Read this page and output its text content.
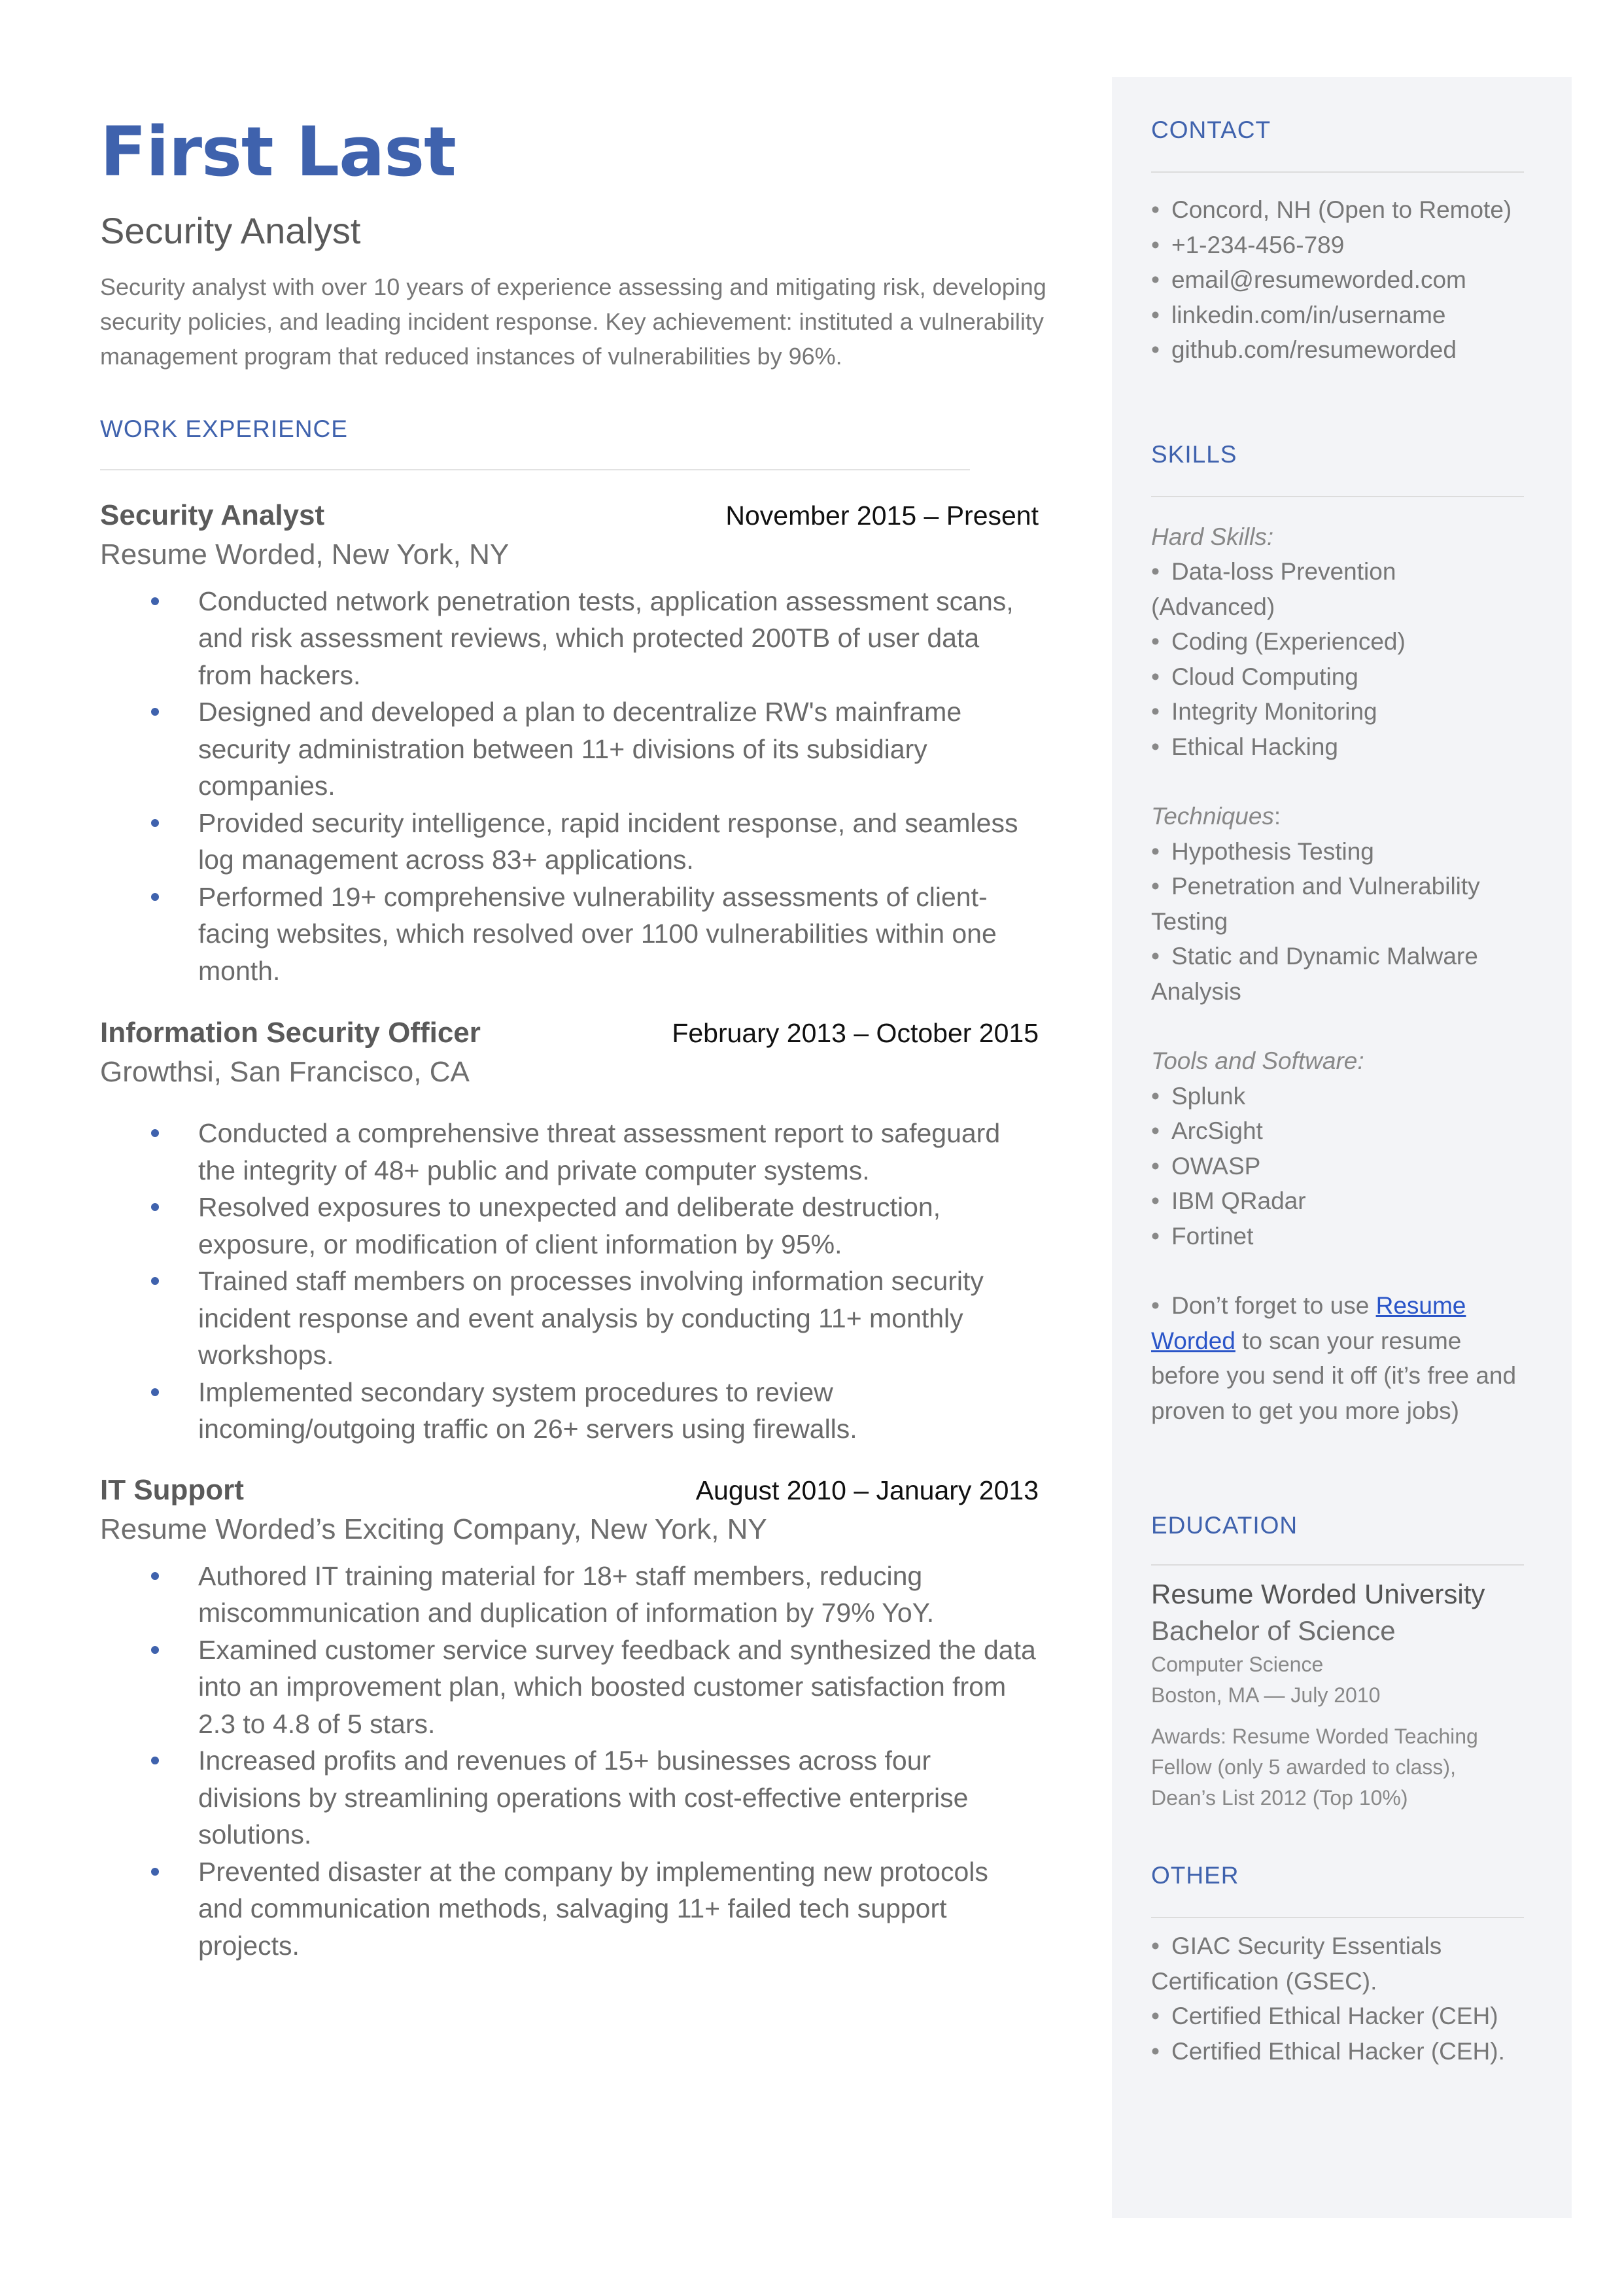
First Last
Security Analyst
Security analyst with over 10 years of experience assessing and mitigating risk, developing security policies, and leading incident response. Key achievement: instituted a vulnerability management program that reduced instances of vulnerabilities by 96%.
WORK EXPERIENCE
Security Analyst	November 2015 – Present
Resume Worded, New York, NY
Conducted network penetration tests, application assessment scans, and risk assessment reviews, which protected 200TB of user data from hackers.
Designed and developed a plan to decentralize RW's mainframe security administration between 11+ divisions of its subsidiary companies.
Provided security intelligence, rapid incident response, and seamless log management across 83+ applications.
Performed 19+ comprehensive vulnerability assessments of client-facing websites, which resolved over 1100 vulnerabilities within one month.
Information Security Officer	February 2013 – October 2015
Growthsi, San Francisco, CA
Conducted a comprehensive threat assessment report to safeguard the integrity of 48+ public and private computer systems.
Resolved exposures to unexpected and deliberate destruction, exposure, or modification of client information by 95%.
Trained staff members on processes involving information security incident response and event analysis by conducting 11+ monthly workshops.
Implemented secondary system procedures to review incoming/outgoing traffic on 26+ servers using firewalls.
IT Support	August 2010 – January 2013
Resume Worded’s Exciting Company, New York, NY
Authored IT training material for 18+ staff members, reducing miscommunication and duplication of information by 79% YoY.
Examined customer service survey feedback and synthesized the data into an improvement plan, which boosted customer satisfaction from 2.3 to 4.8 of 5 stars.
Increased profits and revenues of 15+ businesses across four divisions by streamlining operations with cost-effective enterprise solutions.
Prevented disaster at the company by implementing new protocols and communication methods, salvaging 11+ failed tech support projects.
CONTACT
• Concord, NH (Open to Remote)
• +1-234-456-789
• email@resumeworded.com
• linkedin.com/in/username
• github.com/resumeworded
SKILLS
Hard Skills:
• Data-loss Prevention (Advanced)
• Coding (Experienced)
• Cloud Computing
• Integrity Monitoring
• Ethical Hacking
Techniques:
• Hypothesis Testing
• Penetration and Vulnerability Testing
• Static and Dynamic Malware Analysis
Tools and Software:
• Splunk
• ArcSight
• OWASP
• IBM QRadar
• Fortinet
• Don’t forget to use Resume Worded to scan your resume before you send it off (it’s free and proven to get you more jobs)
EDUCATION
Resume Worded University
Bachelor of Science
Computer Science
Boston, MA — July 2010
Awards: Resume Worded Teaching Fellow (only 5 awarded to class), Dean’s List 2012 (Top 10%)
OTHER
• GIAC Security Essentials Certification (GSEC).
• Certified Ethical Hacker (CEH)
• Certified Ethical Hacker (CEH).
